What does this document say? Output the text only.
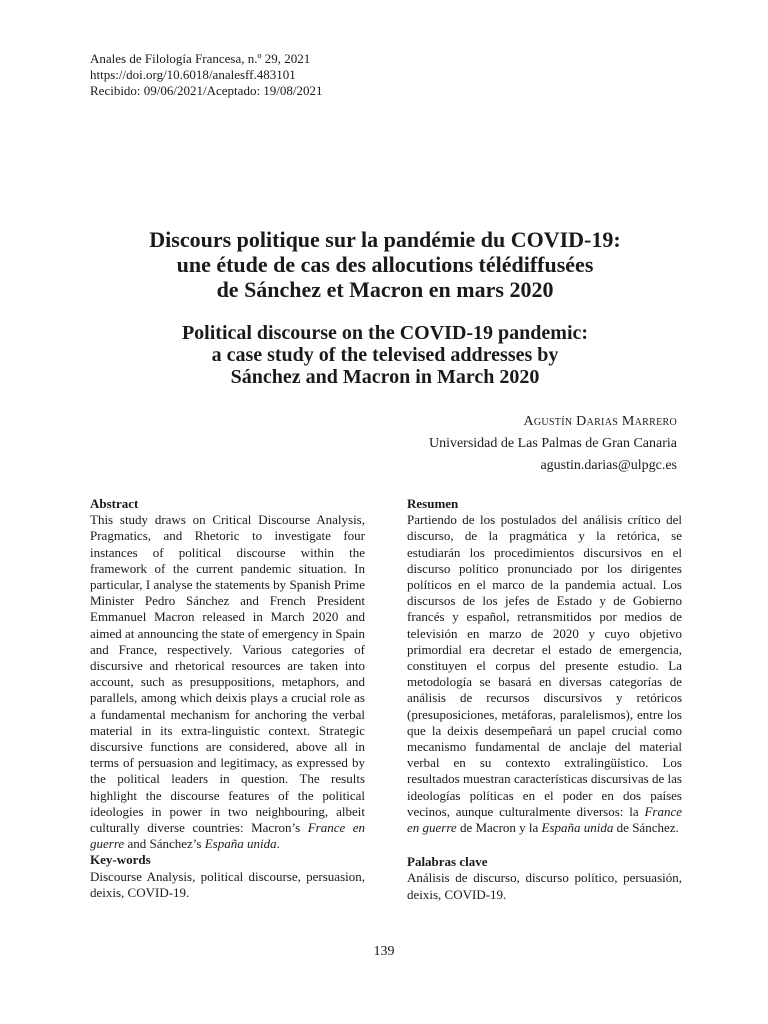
Anales de Filología Francesa, n.º 29, 2021
https://doi.org/10.6018/analesff.483101
Recibido: 09/06/2021/Aceptado: 19/08/2021
Discours politique sur la pandémie du COVID-19:
une étude de cas des allocutions télédiffusées
de Sánchez et Macron en mars 2020
Political discourse on the COVID-19 pandemic:
a case study of the televised addresses by
Sánchez and Macron in March 2020
Agustín Darias Marrero
Universidad de Las Palmas de Gran Canaria
agustin.darias@ulpgc.es
Abstract

This study draws on Critical Discourse Analysis, Pragmatics, and Rhetoric to investigate four instances of political discourse within the framework of the current pandemic situation. In particular, I analyse the statements by Spanish Prime Minister Pedro Sánchez and French President Emmanuel Macron released in March 2020 and aimed at announcing the state of emergency in Spain and France, respectively. Various categories of discursive and rhetorical resources are taken into account, such as presuppositions, metaphors, and parallels, among which deixis plays a crucial role as a fundamental mechanism for anchoring the verbal material in its extra-linguistic context. Strategic discursive functions are considered, above all in terms of persuasion and legitimacy, as expressed by the political leaders in question. The results highlight the discourse features of the political ideologies in power in two neighbouring, albeit culturally diverse countries: Macron’s France en guerre and Sánchez’s España unida.

Key-words

Discourse Analysis, political discourse, persuasion, deixis, COVID-19.

Resumen

Partiendo de los postulados del análisis crítico del discurso, de la pragmática y la retórica, se estudiarán los procedimientos discursivos en el discurso político pronunciado por los dirigentes políticos en el marco de la pandemia actual. Los discursos de los jefes de Estado y de Gobierno francés y español, retransmitidos por medios de televisión en marzo de 2020 y cuyo objetivo primordial era decretar el estado de emergencia, constituyen el corpus del presente estudio. La metodología se basará en diversas categorías de análisis de recursos discursivos y retóricos (presuposiciones, metáforas, paralelismos), entre los que la deixis desempeñará un papel crucial como mecanismo fundamental de anclaje del material verbal en su contexto extralingüístico. Los resultados muestran características discursivas de las ideologías políticas en el poder en dos países vecinos, aunque culturalmente diversos: la France en guerre de Macron y la España unida de Sánchez.

Palabras clave

Análisis de discurso, discurso político, persuasión, deixis, COVID-19.

139
